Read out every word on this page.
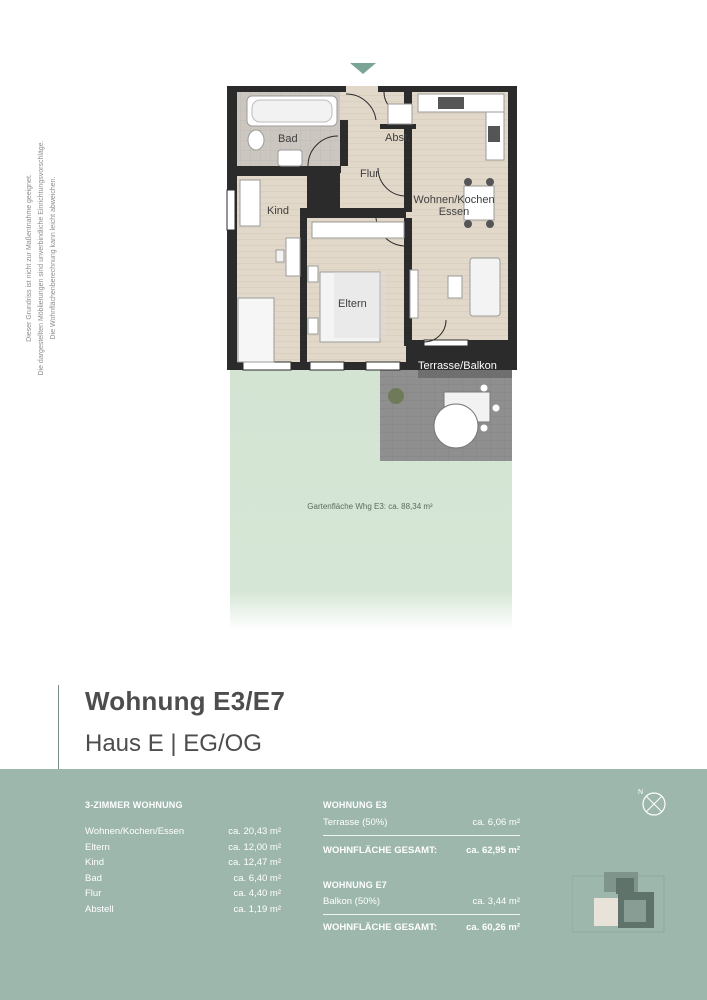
Dieser Grundriss ist nicht zur Maßentnahme geeignet. Die dargestellten Möblierungen sind unverbindliche Einrichtungsvorschläge. Die Wohnflächenberechnung kann leicht abweichen.
Bad	Abst.
Flur
Kind
Wohnen/Kochen
Essen
Eltern
Terrasse/Balkon
Gartenfläche Whg E3: ca. 88,34 m²
Wohnung E3/E7
Haus E | EG/OG
3-ZIMMER WOHNUNG
Wohnen/Kochen/Essen	ca. 20,43 m²
Eltern	ca. 12,00 m²
Kind	ca. 12,47 m²
Bad	ca. 6,40 m²
Flur	ca. 4,40 m²
Abstell	ca. 1,19 m²
WOHNUNG E3
Terrasse (50%)	ca. 6,06 m²
WOHNFLÄCHE GESAMT:	ca. 62,95 m²
WOHNUNG E7
Balkon (50%)	ca. 3,44 m²
WOHNFLÄCHE GESAMT:	ca. 60,26 m²
N
